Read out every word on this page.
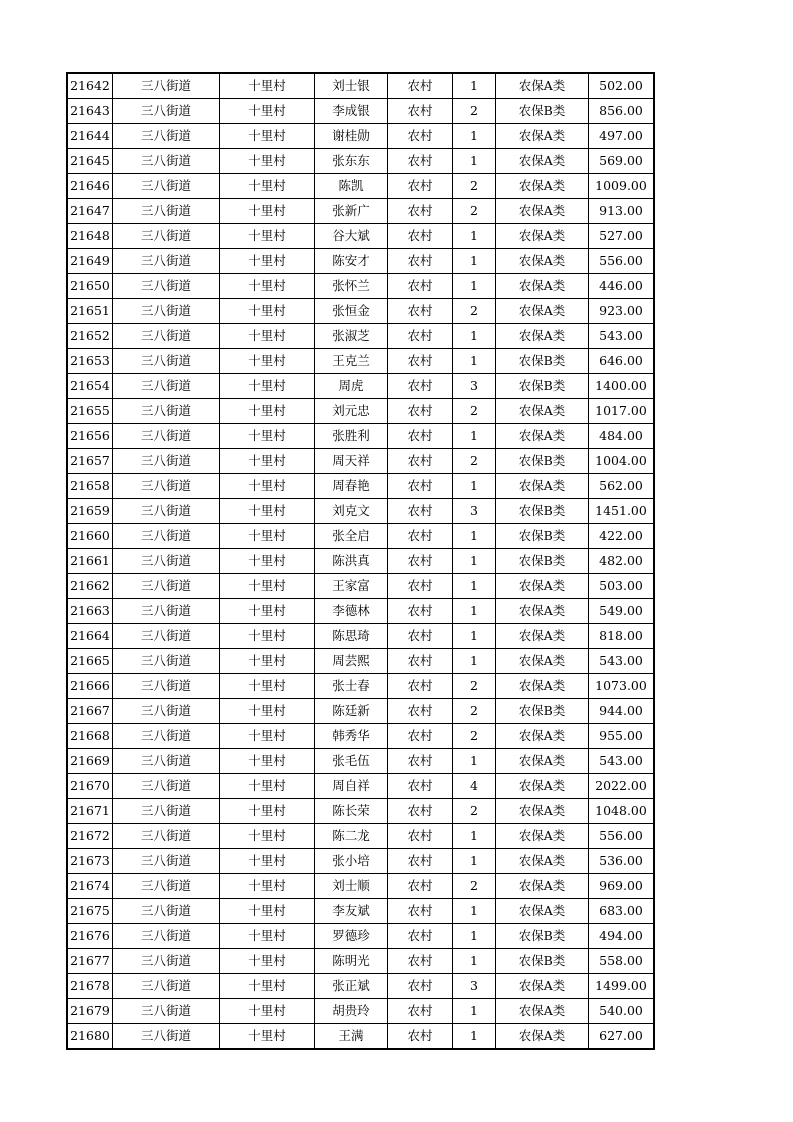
21642	三八街道	十里村	刘士银	农村	1	农保A类	502.00
21643	三八街道	十里村	李成银	农村	2	农保B类	856.00
21644	三八街道	十里村	谢桂勋	农村	1	农保A类	497.00
21645	三八街道	十里村	张东东	农村	1	农保A类	569.00
21646	三八街道	十里村	陈凯	农村	2	农保A类	1009.00
21647	三八街道	十里村	张新广	农村	2	农保A类	913.00
21648	三八街道	十里村	谷大斌	农村	1	农保A类	527.00
21649	三八街道	十里村	陈安才	农村	1	农保A类	556.00
21650	三八街道	十里村	张怀兰	农村	1	农保A类	446.00
21651	三八街道	十里村	张恒金	农村	2	农保A类	923.00
21652	三八街道	十里村	张淑芝	农村	1	农保A类	543.00
21653	三八街道	十里村	王克兰	农村	1	农保B类	646.00
21654	三八街道	十里村	周虎	农村	3	农保B类	1400.00
21655	三八街道	十里村	刘元忠	农村	2	农保A类	1017.00
21656	三八街道	十里村	张胜利	农村	1	农保A类	484.00
21657	三八街道	十里村	周天祥	农村	2	农保B类	1004.00
21658	三八街道	十里村	周春艳	农村	1	农保A类	562.00
21659	三八街道	十里村	刘克文	农村	3	农保B类	1451.00
21660	三八街道	十里村	张全启	农村	1	农保B类	422.00
21661	三八街道	十里村	陈洪真	农村	1	农保B类	482.00
21662	三八街道	十里村	王家富	农村	1	农保A类	503.00
21663	三八街道	十里村	李德林	农村	1	农保A类	549.00
21664	三八街道	十里村	陈思琦	农村	1	农保A类	818.00
21665	三八街道	十里村	周芸熙	农村	1	农保A类	543.00
21666	三八街道	十里村	张士春	农村	2	农保A类	1073.00
21667	三八街道	十里村	陈廷新	农村	2	农保B类	944.00
21668	三八街道	十里村	韩秀华	农村	2	农保A类	955.00
21669	三八街道	十里村	张毛伍	农村	1	农保A类	543.00
21670	三八街道	十里村	周自祥	农村	4	农保A类	2022.00
21671	三八街道	十里村	陈长荣	农村	2	农保A类	1048.00
21672	三八街道	十里村	陈二龙	农村	1	农保A类	556.00
21673	三八街道	十里村	张小培	农村	1	农保A类	536.00
21674	三八街道	十里村	刘士顺	农村	2	农保A类	969.00
21675	三八街道	十里村	李友斌	农村	1	农保A类	683.00
21676	三八街道	十里村	罗德珍	农村	1	农保B类	494.00
21677	三八街道	十里村	陈明光	农村	1	农保B类	558.00
21678	三八街道	十里村	张正斌	农村	3	农保A类	1499.00
21679	三八街道	十里村	胡贵玲	农村	1	农保A类	540.00
21680	三八街道	十里村	王满	农村	1	农保A类	627.00
